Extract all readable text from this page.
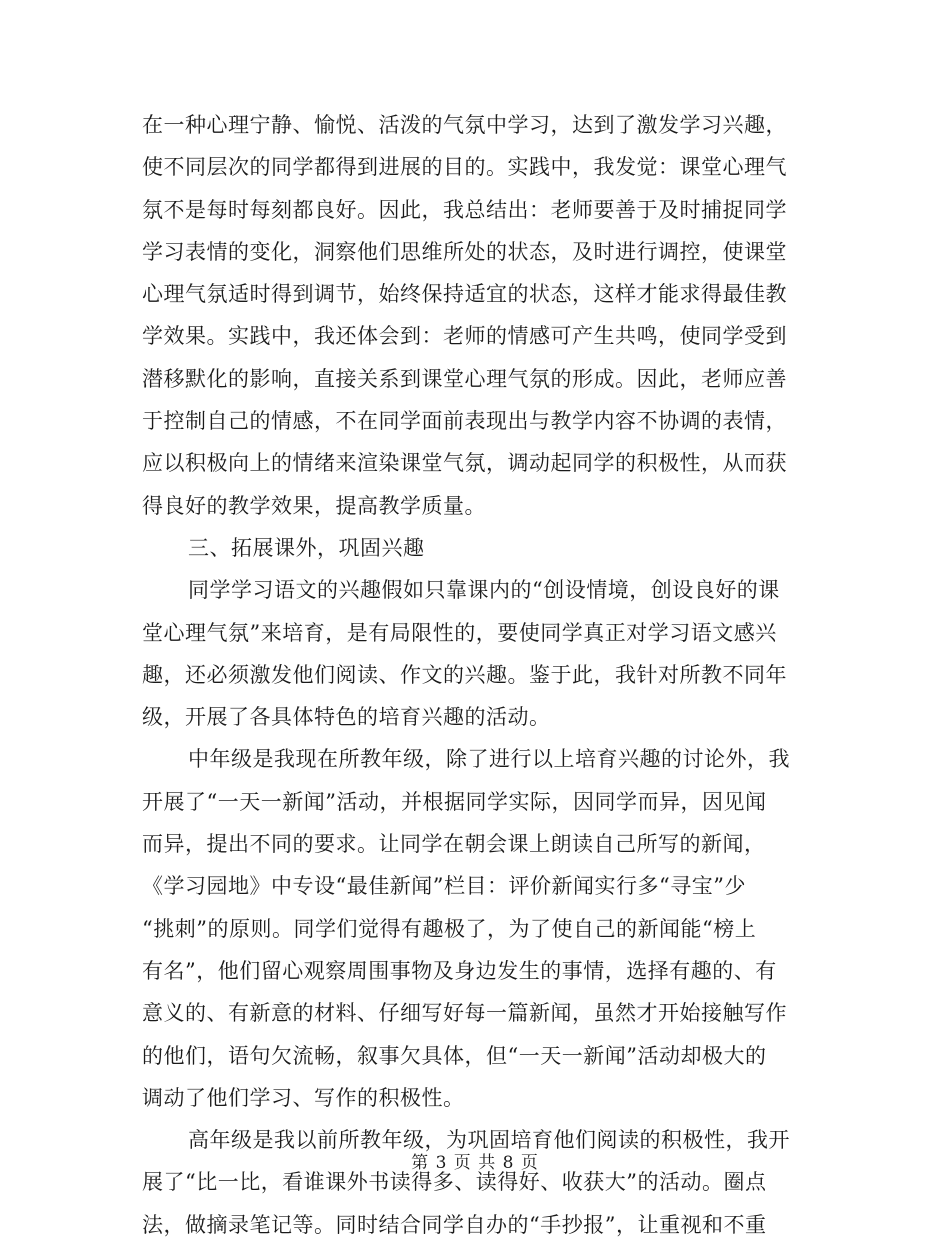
在一种心理宁静、愉悦、活泼的气氛中学习，达到了激发学习兴趣，
使不同层次的同学都得到进展的目的。实践中，我发觉：课堂心理气
氛不是每时每刻都良好。因此，我总结出：老师要善于及时捕捉同学
学习表情的变化，洞察他们思维所处的状态，及时进行调控，使课堂
心理气氛适时得到调节，始终保持适宜的状态，这样才能求得最佳教
学效果。实践中，我还体会到：老师的情感可产生共鸣，使同学受到
潜移默化的影响，直接关系到课堂心理气氛的形成。因此，老师应善
于控制自己的情感，不在同学面前表现出与教学内容不协调的表情，
应以积极向上的情绪来渲染课堂气氛，调动起同学的积极性，从而获
得良好的教学效果，提高教学质量。
三、拓展课外，巩固兴趣
同学学习语文的兴趣假如只靠课内的“创设情境，创设良好的课
堂心理气氛”来培育，是有局限性的，要使同学真正对学习语文感兴
趣，还必须激发他们阅读、作文的兴趣。鉴于此，我针对所教不同年
级，开展了各具体特色的培育兴趣的活动。
中年级是我现在所教年级，除了进行以上培育兴趣的讨论外，我
开展了“一天一新闻”活动，并根据同学实际，因同学而异，因见闻
而异，提出不同的要求。让同学在朝会课上朗读自己所写的新闻，
《学习园地》中专设“最佳新闻”栏目：评价新闻实行多“寻宝”少
“挑刺”的原则。同学们觉得有趣极了，为了使自己的新闻能“榜上
有名”，他们留心观察周围事物及身边发生的事情，选择有趣的、有
意义的、有新意的材料、仔细写好每一篇新闻，虽然才开始接触写作
的他们，语句欠流畅，叙事欠具体，但“一天一新闻”活动却极大的
调动了他们学习、写作的积极性。
高年级是我以前所教年级，为巩固培育他们阅读的积极性，我开
展了“比一比，看谁课外书读得多、读得好、收获大”的活动。圈点
法，做摘录笔记等。同时结合同学自办的“手抄报”，让重视和不重
第 3 页 共 8 页
